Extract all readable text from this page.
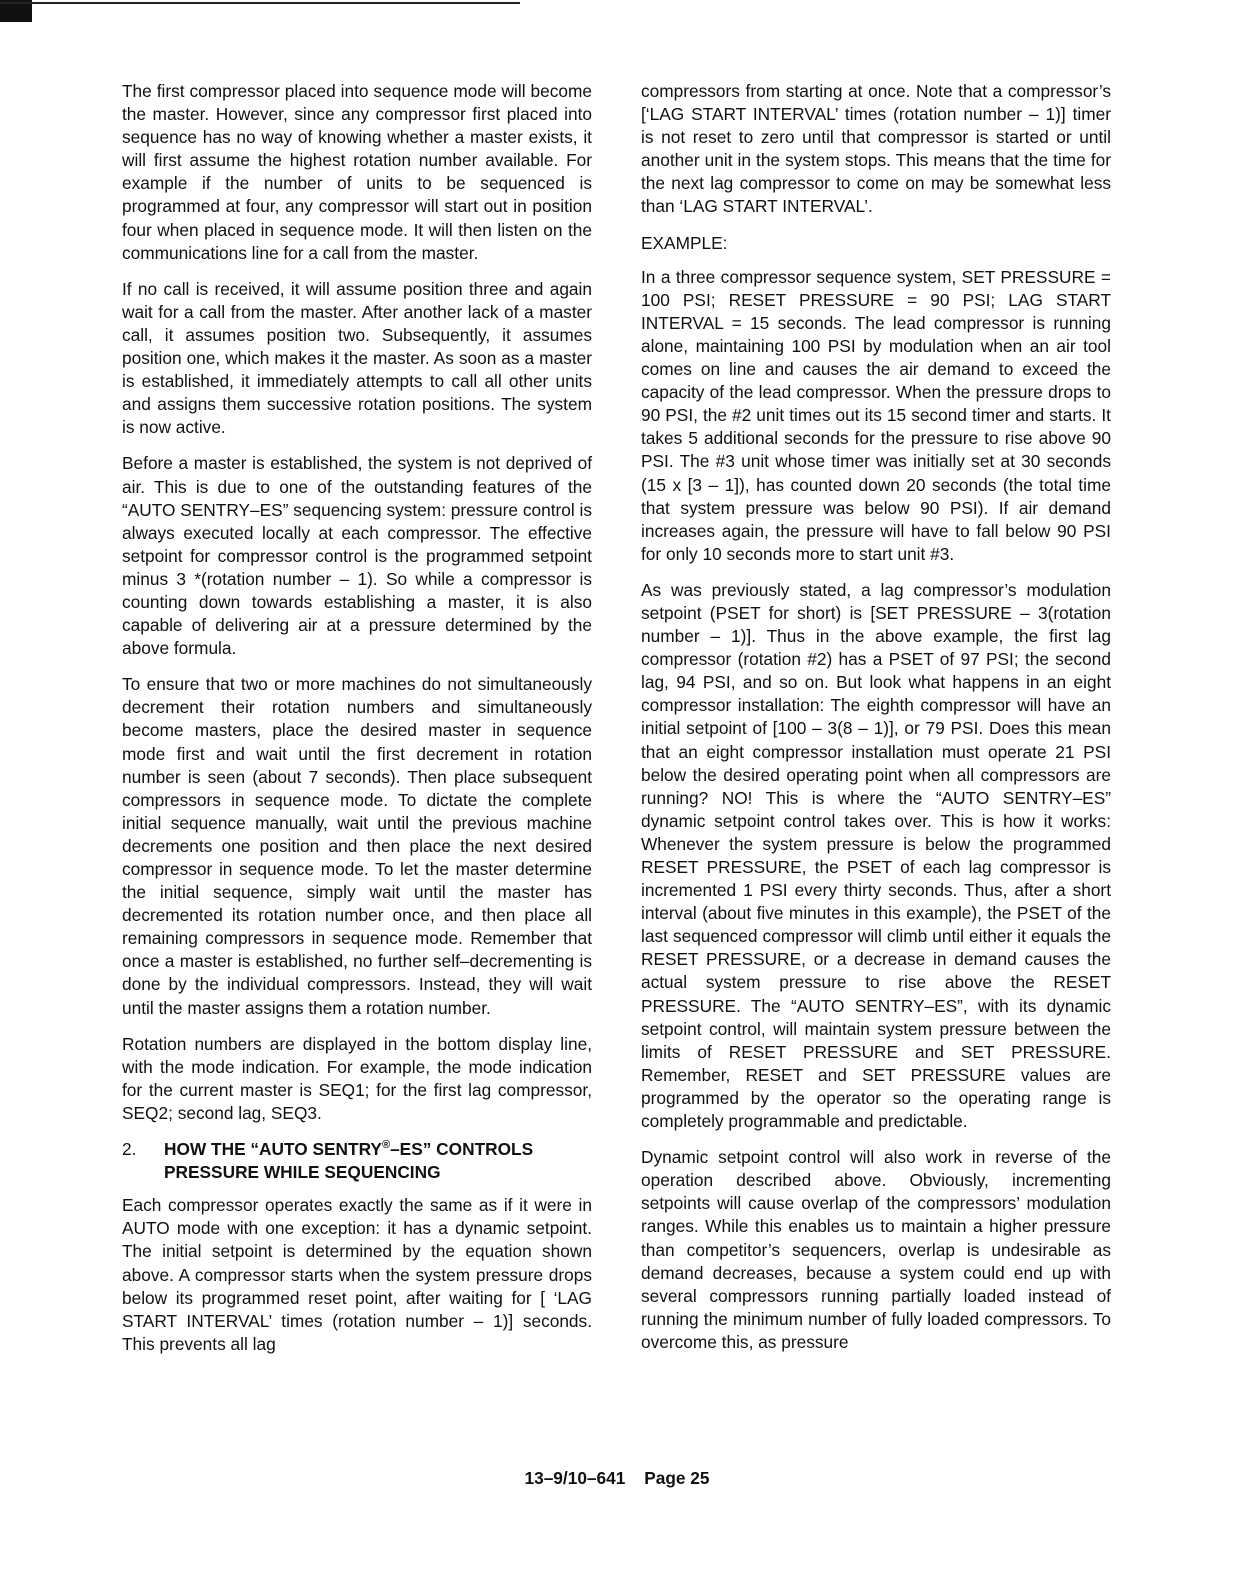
The first compressor placed into sequence mode will become the master. However, since any compressor first placed into sequence has no way of knowing whether a master exists, it will first assume the highest rotation number available. For example if the number of units to be sequenced is programmed at four, any compressor will start out in position four when placed in sequence mode. It will then listen on the communications line for a call from the master.

If no call is received, it will assume position three and again wait for a call from the master. After another lack of a master call, it assumes position two. Subsequently, it assumes position one, which makes it the master. As soon as a master is established, it immediately attempts to call all other units and assigns them successive rotation positions. The system is now active.

Before a master is established, the system is not deprived of air. This is due to one of the outstanding features of the “AUTO SENTRY–ES” sequencing system: pressure control is always executed locally at each compressor. The effective setpoint for compressor control is the programmed setpoint minus 3 *(rotation number – 1). So while a compressor is counting down towards establishing a master, it is also capable of delivering air at a pressure determined by the above formula.

To ensure that two or more machines do not simultaneously decrement their rotation numbers and simultaneously become masters, place the desired master in sequence mode first and wait until the first decrement in rotation number is seen (about 7 seconds). Then place subsequent compressors in sequence mode. To dictate the complete initial sequence manually, wait until the previous machine decrements one position and then place the next desired compressor in sequence mode. To let the master determine the initial sequence, simply wait until the master has decremented its rotation number once, and then place all remaining compressors in sequence mode. Remember that once a master is established, no further self–decrementing is done by the individual compressors. Instead, they will wait until the master assigns them a rotation number.

Rotation numbers are displayed in the bottom display line, with the mode indication. For example, the mode indication for the current master is SEQ1; for the first lag compressor, SEQ2; second lag, SEQ3.

2.	HOW THE “AUTO SENTRY®–ES” CONTROLS PRESSURE WHILE SEQUENCING

Each compressor operates exactly the same as if it were in AUTO mode with one exception: it has a dynamic setpoint. The initial setpoint is determined by the equation shown above. A compressor starts when the system pressure drops below its programmed reset point, after waiting for [ ‘LAG START INTERVAL’ times (rotation number – 1)] seconds. This prevents all lag

compressors from starting at once. Note that a compressor’s [‘LAG START INTERVAL’ times (rotation number – 1)] timer is not reset to zero until that compressor is started or until another unit in the system stops. This means that the time for the next lag compressor to come on may be somewhat less than ‘LAG START INTERVAL’.

EXAMPLE:

In a three compressor sequence system, SET PRESSURE = 100 PSI; RESET PRESSURE = 90 PSI; LAG START INTERVAL = 15 seconds. The lead compressor is running alone, maintaining 100 PSI by modulation when an air tool comes on line and causes the air demand to exceed the capacity of the lead compressor. When the pressure drops to 90 PSI, the #2 unit times out its 15 second timer and starts. It takes 5 additional seconds for the pressure to rise above 90 PSI. The #3 unit whose timer was initially set at 30 seconds (15 x [3 – 1]), has counted down 20 seconds (the total time that system pressure was below 90 PSI). If air demand increases again, the pressure will have to fall below 90 PSI for only 10 seconds more to start unit #3.

As was previously stated, a lag compressor’s modulation setpoint (PSET for short) is [SET PRESSURE – 3(rotation number – 1)]. Thus in the above example, the first lag compressor (rotation #2) has a PSET of 97 PSI; the second lag, 94 PSI, and so on. But look what happens in an eight compressor installation: The eighth compressor will have an initial setpoint of [100 – 3(8 – 1)], or 79 PSI. Does this mean that an eight compressor installation must operate 21 PSI below the desired operating point when all compressors are running? NO! This is where the “AUTO SENTRY–ES” dynamic setpoint control takes over. This is how it works: Whenever the system pressure is below the programmed RESET PRESSURE, the PSET of each lag compressor is incremented 1 PSI every thirty seconds. Thus, after a short interval (about five minutes in this example), the PSET of the last sequenced compressor will climb until either it equals the RESET PRESSURE, or a decrease in demand causes the actual system pressure to rise above the RESET PRESSURE. The “AUTO SENTRY–ES”, with its dynamic setpoint control, will maintain system pressure between the limits of RESET PRESSURE and SET PRESSURE. Remember, RESET and SET PRESSURE values are programmed by the operator so the operating range is completely programmable and predictable.

Dynamic setpoint control will also work in reverse of the operation described above. Obviously, incrementing setpoints will cause overlap of the compressors’ modulation ranges. While this enables us to maintain a higher pressure than competitor’s sequencers, overlap is undesirable as demand decreases, because a system could end up with several compressors running partially loaded instead of running the minimum number of fully loaded compressors. To overcome this, as pressure

13–9/10–641 Page 25
